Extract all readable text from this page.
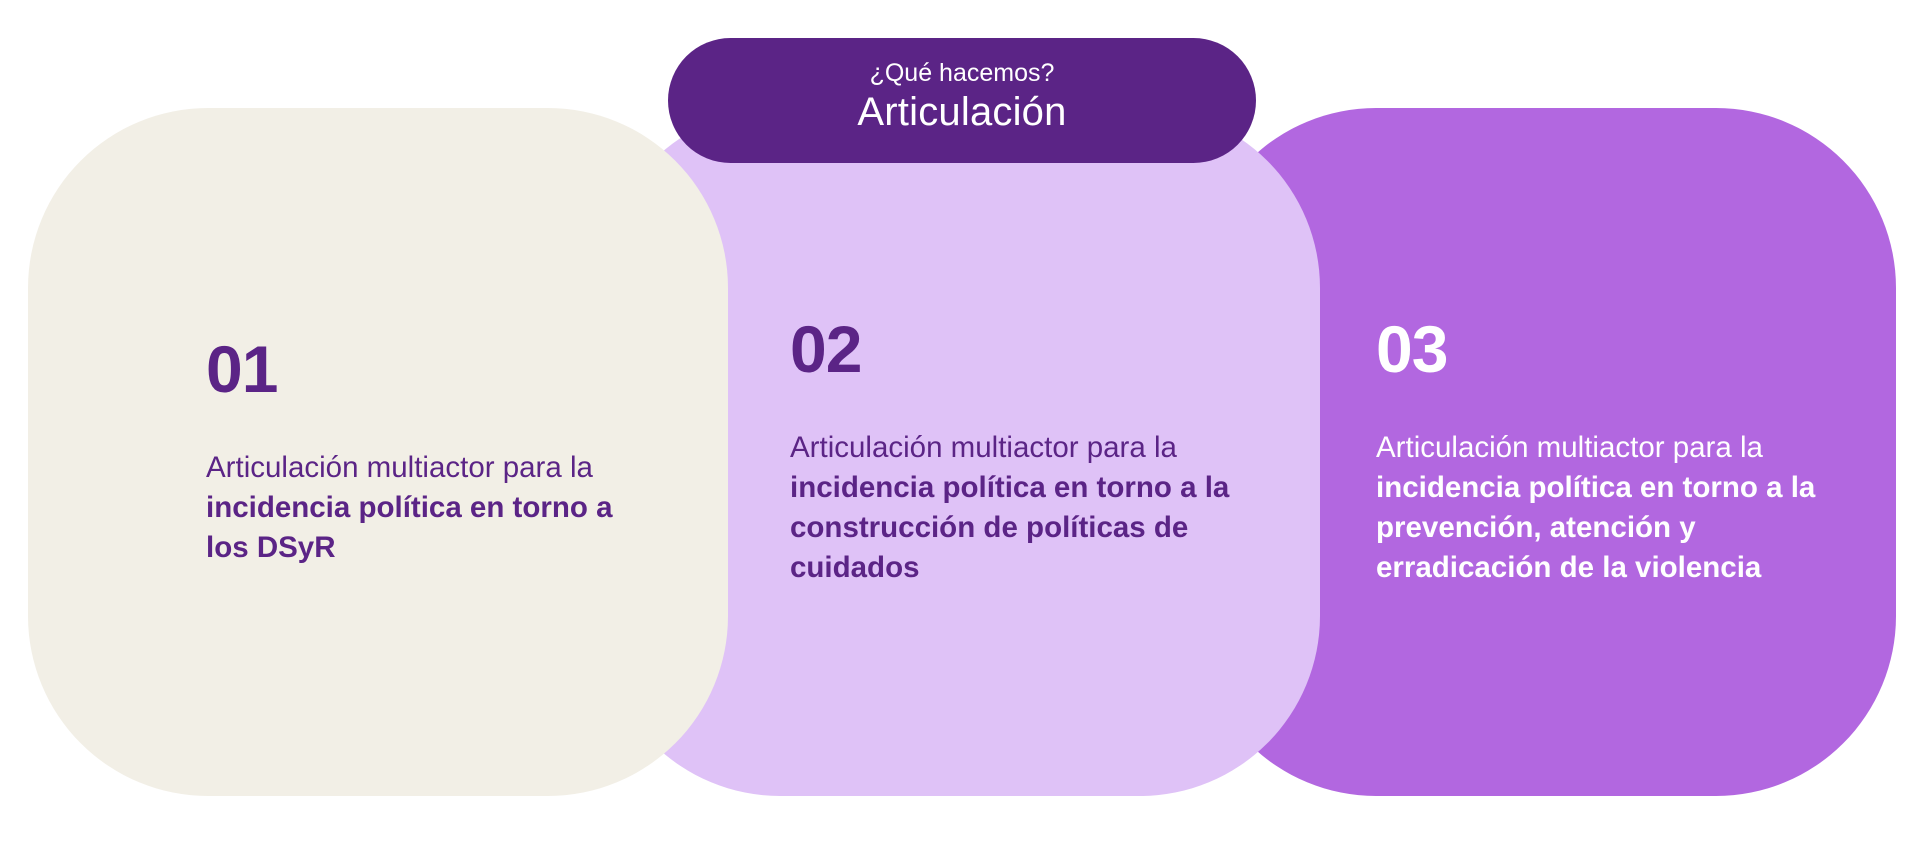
03

Articulación multiactor para la incidencia política en torno a la prevención, atención y erradicación de la violencia

02

Articulación multiactor para la incidencia política en torno a la construcción de políticas de cuidados

01

Articulación multiactor para la incidencia política en torno a los DSyR

¿Qué hacemos?
Articulación
